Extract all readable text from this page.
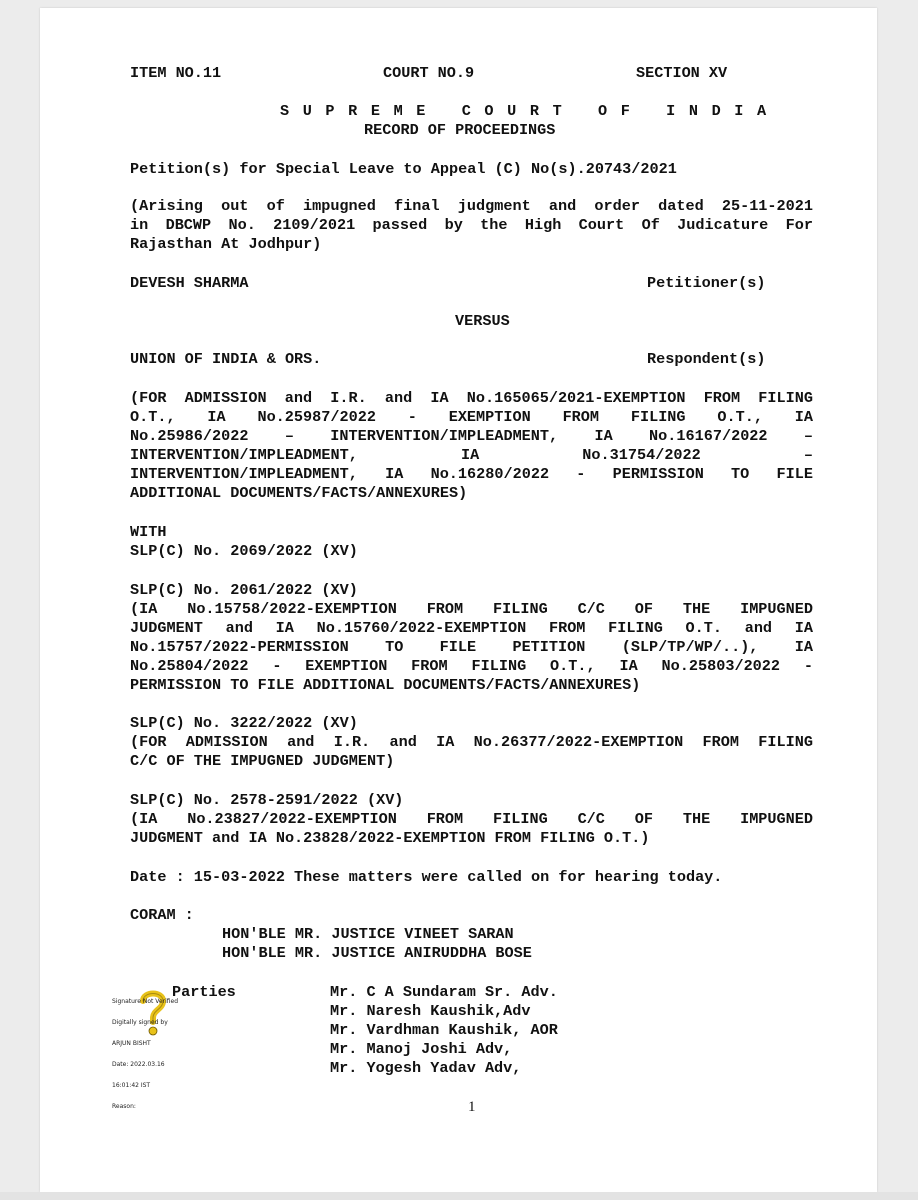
ITEM NO.11	COURT NO.9	SECTION XV
SUPREME COURT OF INDIA
RECORD OF PROCEEDINGS
Petition(s) for Special Leave to Appeal (C) No(s).20743/2021
(Arising out of impugned final judgment and order dated 25-11-2021
in DBCWP No. 2109/2021 passed by the High Court Of Judicature For
Rajasthan At Jodhpur)
DEVESH SHARMA	Petitioner(s)
VERSUS
UNION OF INDIA & ORS.	Respondent(s)
(FOR ADMISSION and I.R. and IA No.165065/2021-EXEMPTION FROM FILING
O.T., IA No.25987/2022 - EXEMPTION FROM FILING O.T., IA
No.25986/2022 – INTERVENTION/IMPLEADMENT, IA No.16167/2022 –
INTERVENTION/IMPLEADMENT, IA No.31754/2022 –
INTERVENTION/IMPLEADMENT, IA No.16280/2022 - PERMISSION TO FILE
ADDITIONAL DOCUMENTS/FACTS/ANNEXURES)
WITH
SLP(C) No. 2069/2022 (XV)
SLP(C) No. 2061/2022 (XV)
(IA No.15758/2022-EXEMPTION FROM FILING C/C OF THE IMPUGNED
JUDGMENT and IA No.15760/2022-EXEMPTION FROM FILING O.T. and IA
No.15757/2022-PERMISSION TO FILE PETITION (SLP/TP/WP/..), IA
No.25804/2022 - EXEMPTION FROM FILING O.T., IA No.25803/2022 -
PERMISSION TO FILE ADDITIONAL DOCUMENTS/FACTS/ANNEXURES)
SLP(C) No. 3222/2022 (XV)
(FOR ADMISSION and I.R. and IA No.26377/2022-EXEMPTION FROM FILING
C/C OF THE IMPUGNED JUDGMENT)
SLP(C) No. 2578-2591/2022 (XV)
(IA No.23827/2022-EXEMPTION FROM FILING C/C OF THE IMPUGNED
JUDGMENT and IA No.23828/2022-EXEMPTION FROM FILING O.T.)
Date : 15-03-2022 These matters were called on for hearing today.
CORAM :
HON'BLE MR. JUSTICE VINEET SARAN
HON'BLE MR. JUSTICE ANIRUDDHA BOSE
Parties	Mr. C A Sundaram Sr. Adv.
Mr. Naresh Kaushik,Adv
Mr. Vardhman Kaushik, AOR
Mr. Manoj Joshi Adv,
Mr. Yogesh Yadav Adv,

Signature Not Verified

Digitally signed by

ARJUN BISHT

Date: 2022.03.16

16:01:42 IST

Reason:

	1
